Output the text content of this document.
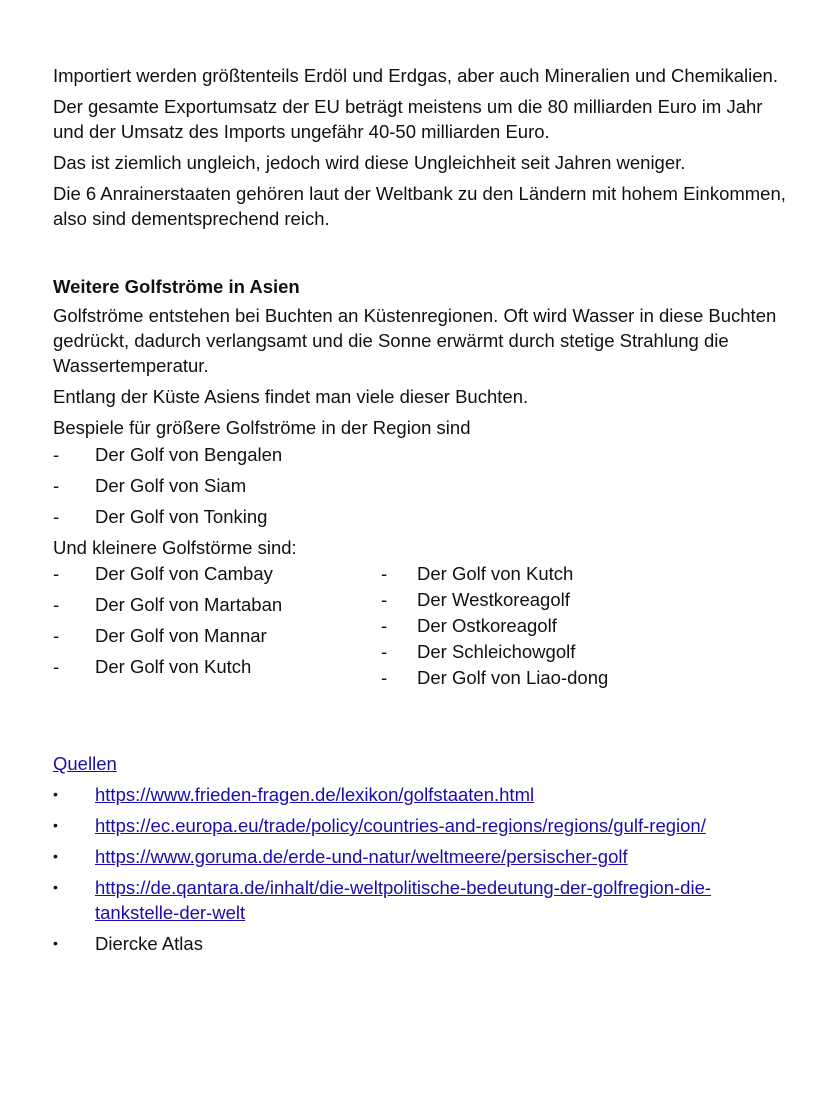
Importiert werden größtenteils Erdöl und Erdgas, aber auch Mineralien und Chemikalien.

Der gesamte Exportumsatz der EU beträgt meistens um die 80 milliarden Euro im Jahr und der Umsatz des Imports ungefähr 40-50 milliarden Euro.

Das ist ziemlich ungleich, jedoch wird diese Ungleichheit seit Jahren weniger.

Die 6 Anrainerstaaten gehören laut der Weltbank zu den Ländern mit hohem Einkommen, also sind dementsprechend reich.

Weitere Golfströme in Asien

Golfströme entstehen bei Buchten an Küstenregionen. Oft wird Wasser in diese Buchten gedrückt, dadurch verlangsamt und die Sonne erwärmt durch stetige Strahlung die Wassertemperatur.

Entlang der Küste Asiens findet man viele dieser Buchten.

Bespiele für größere Golfströme in der Region sind

- Der Golf von Bengalen
- Der Golf von Siam
- Der Golf von Tonking

Und kleinere Golfstörme sind:

- Der Golf von Cambay
- Der Golf von Martaban
- Der Golf von Mannar
- Der Golf von Kutch
- Der Golf von Kutch
- Der Westkoreagolf
- Der Ostkoreagolf
- Der Schleichowgolf
- Der Golf von Liao-dong
Quellen
• https://www.frieden-fragen.de/lexikon/golfstaaten.html
• https://ec.europa.eu/trade/policy/countries-and-regions/regions/gulf-region/
• https://www.goruma.de/erde-und-natur/weltmeere/persischer-golf
• https://de.qantara.de/inhalt/die-weltpolitische-bedeutung-der-golfregion-die-tankstelle-der-welt
• Diercke Atlas
